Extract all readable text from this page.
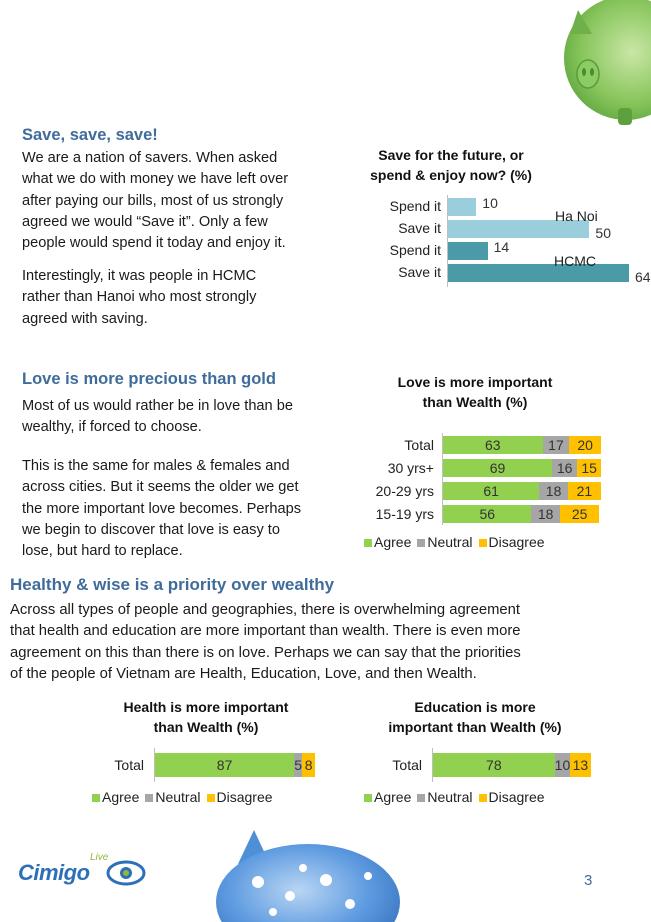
Save, save, save!
We are a nation of savers. When asked
what we do with money we have left over
after paying our bills, most of us strongly
agreed we would “Save it”. Only a few
people would spend it today and enjoy it.
Interestingly, it was people in HCMC
rather than Hanoi who most strongly
agreed with saving.
Save for the future, or
spend & enjoy now? (%)
Spend it	10
Save it	50
Spend it	14
Save it	64
Ha Noi
HCMC
Love is more precious than gold
Most of us would rather be in love than be
wealthy, if forced to choose.
This is the same for males & females and
across cities. But it seems the older we get
the more important love becomes. Perhaps
we begin to discover that love is easy to
lose, but hard to replace.
Love is more important
than Wealth (%)
Total	63	17 20
30 yrs+	69	16 15
20-29 yrs	61	18 21
15-19 yrs	56	18 25
Agree	Neutral	Disagree
Healthy & wise is a priority over wealthy
Across all types of people and geographies, there is overwhelming agreement
that health and education are more important than wealth. There is even more
agreement on this than there is on love. Perhaps we can say that the priorities
of the people of Vietnam are Health, Education, Love, and then Wealth.
Health is more important
than Wealth (%)
Total	87	5 8
Agree	Neutral	Disagree
Education is more
important than Wealth (%)
Total	78	10 13
Agree	Neutral	Disagree
Cimigo
Live
3
